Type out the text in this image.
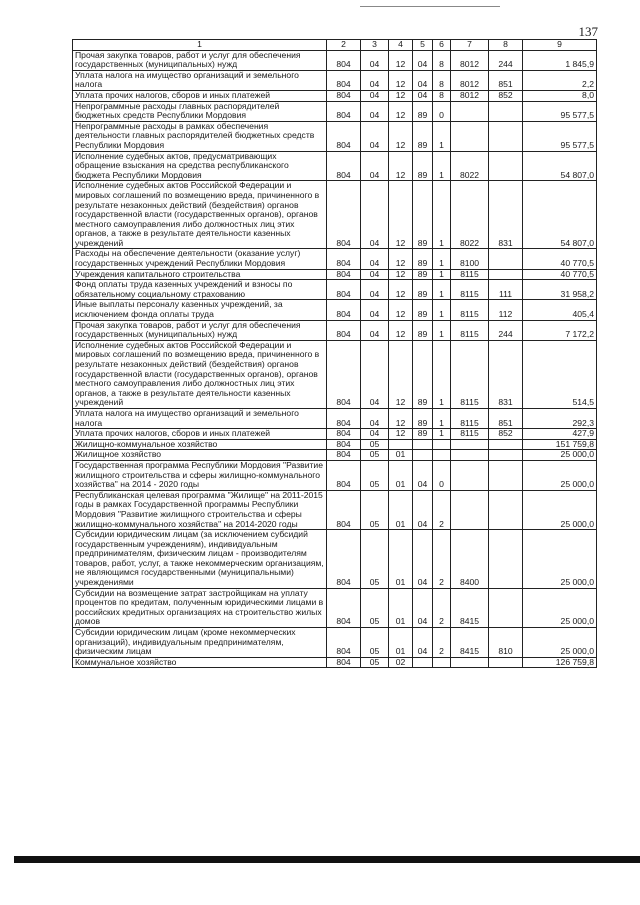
137
1	2	3	4	5	6	7	8	9
Прочая закупка товаров, работ и услуг для обеспечения государственных (муниципальных) нужд	804	04	12	04	8	8012	244	1 845,9
Уплата налога на имущество организаций и земельного налога	804	04	12	04	8	8012	851	2,2
Уплата прочих налогов, сборов и иных платежей	804	04	12	04	8	8012	852	8,0
Непрограммные расходы главных распорядителей бюджетных средств Республики Мордовия	804	04	12	89	0			95 577,5
Непрограммные расходы в рамках обеспечения деятельности главных распорядителей бюджетных средств Республики Мордовия	804	04	12	89	1			95 577,5
Исполнение судебных актов, предусматривающих обращение взыскания на средства республиканского бюджета Республики Мордовия	804	04	12	89	1	8022		54 807,0
Исполнение судебных актов Российской Федерации и мировых соглашений по возмещению вреда, причиненного в результате незаконных действий (бездействия) органов государственной власти (государственных органов), органов местного самоуправления либо должностных лиц этих органов, а также в результате деятельности казенных учреждений	804	04	12	89	1	8022	831	54 807,0
Расходы на обеспечение деятельности (оказание услуг) государственных учреждений Республики Мордовия	804	04	12	89	1	8100		40 770,5
Учреждения капитального строительства	804	04	12	89	1	8115		40 770,5
Фонд оплаты труда казенных учреждений и взносы по обязательному социальному страхованию	804	04	12	89	1	8115	111	31 958,2
Иные выплаты персоналу казенных учреждений, за исключением фонда оплаты труда	804	04	12	89	1	8115	112	405,4
Прочая закупка товаров, работ и услуг для обеспечения государственных (муниципальных) нужд	804	04	12	89	1	8115	244	7 172,2
Исполнение судебных актов Российской Федерации и мировых соглашений по возмещению вреда, причиненного в результате незаконных действий (бездействия) органов государственной власти (государственных органов), органов местного самоуправления либо должностных лиц этих органов, а также в результате деятельности казенных учреждений	804	04	12	89	1	8115	831	514,5
Уплата налога на имущество организаций и земельного налога	804	04	12	89	1	8115	851	292,3
Уплата прочих налогов, сборов и иных платежей	804	04	12	89	1	8115	852	427,9
Жилищно-коммунальное хозяйство	804	05						151 759,8
Жилищное хозяйство	804	05	01					25 000,0
Государственная программа Республики Мордовия "Развитие жилищного строительства и сферы жилищно-коммунального хозяйства" на 2014 - 2020 годы	804	05	01	04	0			25 000,0
Республиканская целевая программа "Жилище" на 2011-2015 годы в рамках Государственной программы Республики Мордовия "Развитие жилищного строительства и сферы жилищно-коммунального хозяйства" на 2014-2020 годы	804	05	01	04	2			25 000,0
Субсидии юридическим лицам (за исключением субсидий государственным учреждениям), индивидуальным предпринимателям, физическим лицам - производителям товаров, работ, услуг, а также некоммерческим организациям, не являющимся государственными (муниципальными) учреждениями	804	05	01	04	2	8400		25 000,0
Субсидии на возмещение затрат застройщикам на уплату процентов по кредитам, полученным юридическими лицами в российских кредитных организациях на строительство жилых домов	804	05	01	04	2	8415		25 000,0
Субсидии юридическим лицам (кроме некоммерческих организаций), индивидуальным предпринимателям, физическим лицам	804	05	01	04	2	8415	810	25 000,0
Коммунальное хозяйство	804	05	02					126 759,8
